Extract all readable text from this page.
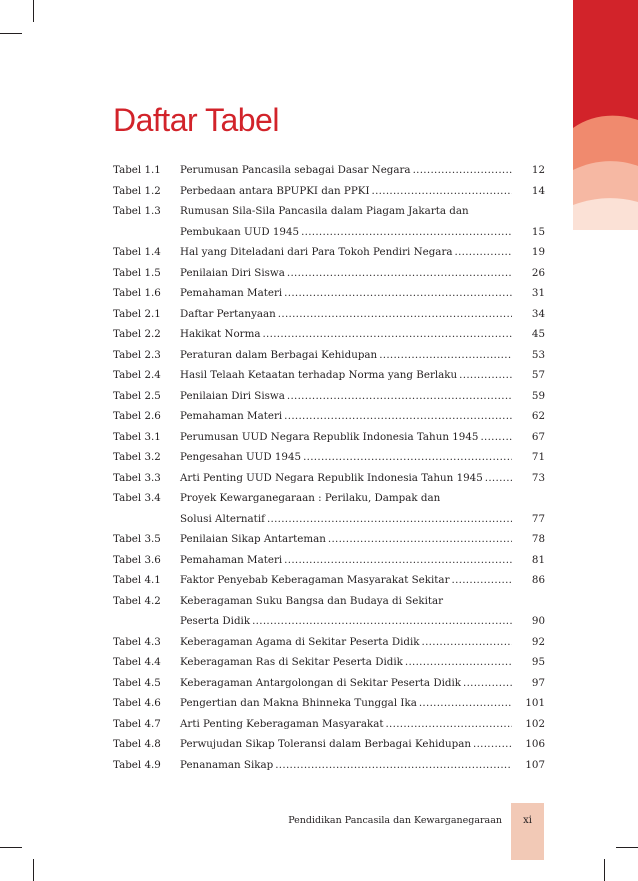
Daftar Tabel
Tabel 1.1	Perumusan Pancasila sebagai Dasar Negara .....	12
Tabel 1.2	Perbedaan antara BPUPKI dan PPKI .....	14
Tabel 1.3	Rumusan Sila-Sila Pancasila dalam Piagam Jakarta dan
Pembukaan UUD 1945 .....	15
Tabel 1.4	Hal yang Diteladani dari Para Tokoh Pendiri Negara .....	19
Tabel 1.5	Penilaian Diri Siswa .....	26
Tabel 1.6	Pemahaman Materi .....	31
Tabel 2.1	Daftar Pertanyaan .....	34
Tabel 2.2	Hakikat Norma .....	45
Tabel 2.3	Peraturan dalam Berbagai Kehidupan .....	53
Tabel 2.4	Hasil Telaah Ketaatan terhadap Norma yang Berlaku .....	57
Tabel 2.5	Penilaian Diri Siswa .....	59
Tabel 2.6	Pemahaman Materi .....	62
Tabel 3.1	Perumusan UUD Negara Republik Indonesia Tahun 1945 .....	67
Tabel 3.2	Pengesahan UUD 1945 .....	71
Tabel 3.3	Arti Penting UUD Negara Republik Indonesia Tahun 1945 .....	73
Tabel 3.4	Proyek Kewarganegaraan : Perilaku, Dampak dan
Solusi Alternatif .....	77
Tabel 3.5	Penilaian Sikap Antarteman .....	78
Tabel 3.6	Pemahaman Materi .....	81
Tabel 4.1	Faktor Penyebab Keberagaman Masyarakat Sekitar .....	86
Tabel 4.2	Keberagaman Suku Bangsa dan Budaya di Sekitar
Peserta Didik .....	90
Tabel 4.3	Keberagaman Agama di Sekitar Peserta Didik .....	92
Tabel 4.4	Keberagaman Ras di Sekitar Peserta Didik .....	95
Tabel 4.5	Keberagaman Antargolongan di Sekitar Peserta Didik .....	97
Tabel 4.6	Pengertian dan Makna Bhinneka Tunggal Ika .....	101
Tabel 4.7	Arti Penting Keberagaman Masyarakat .....	102
Tabel 4.8	Perwujudan Sikap Toleransi dalam Berbagai Kehidupan .....	106
Tabel 4.9	Penanaman Sikap .....	107
Pendidikan Pancasila dan Kewarganegaraan	xi
